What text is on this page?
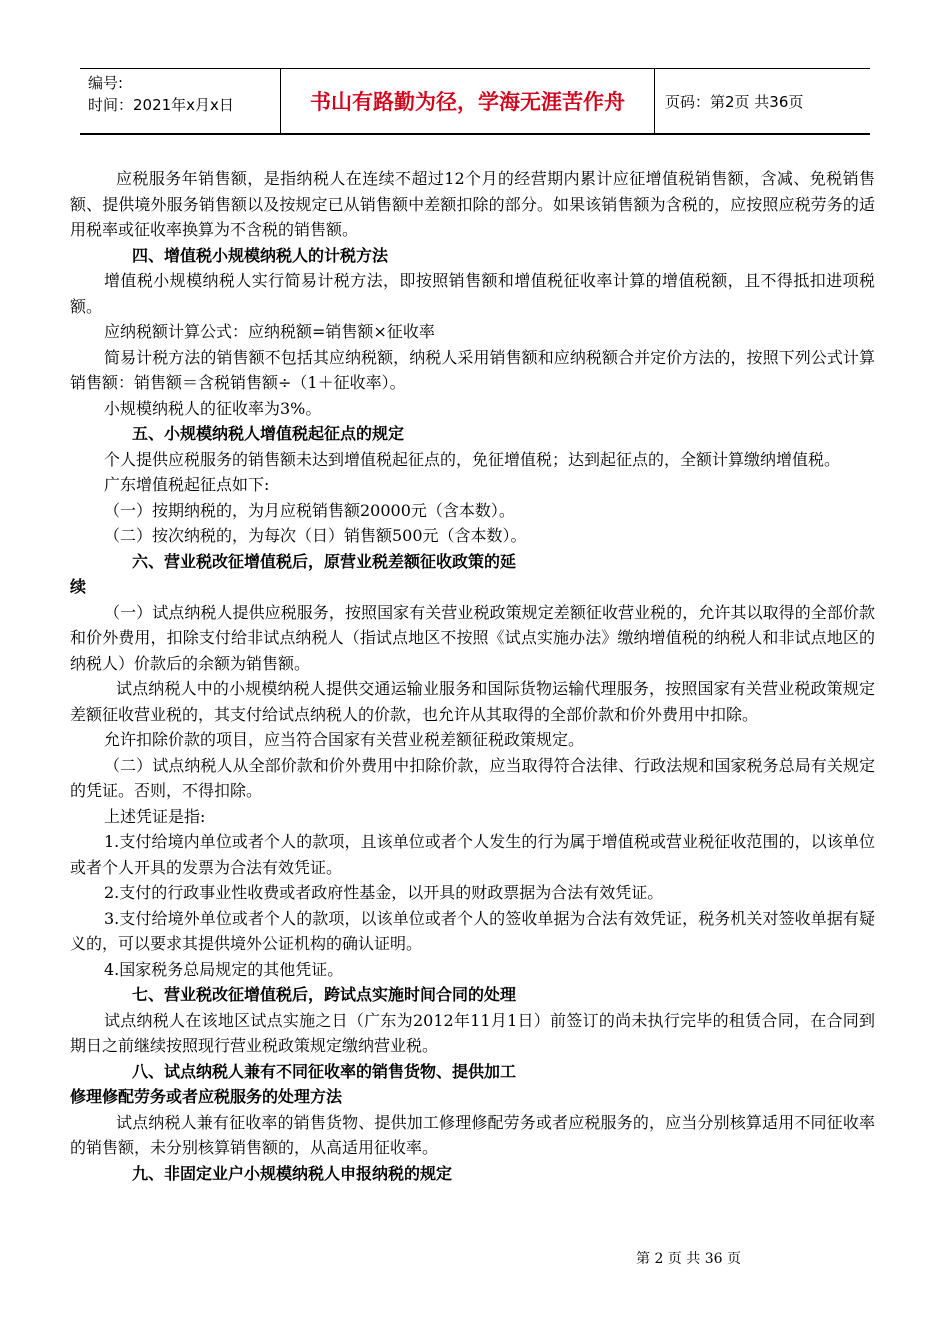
编号:
时间：2021年x月x日	书山有路勤为径，学海无涯苦作舟	页码：第2页 共36页

应税服务年销售额，是指纳税人在连续不超过12个月的经营期内累计应征增值税销售额，含减、免税销售额、提供境外服务销售额以及按规定已从销售额中差额扣除的部分。如果该销售额为含税的，应按照应税劳务的适用税率或征收率换算为不含税的销售额。

四、增值税小规模纳税人的计税方法

增值税小规模纳税人实行简易计税方法，即按照销售额和增值税征收率计算的增值税额，且不得抵扣进项税额。

应纳税额计算公式：应纳税额=销售额×征收率

简易计税方法的销售额不包括其应纳税额，纳税人采用销售额和应纳税额合并定价方法的，按照下列公式计算销售额：销售额＝含税销售额÷（1＋征收率）。

小规模纳税人的征收率为3%。

五、小规模纳税人增值税起征点的规定

个人提供应税服务的销售额未达到增值税起征点的，免征增值税；达到起征点的，全额计算缴纳增值税。

广东增值税起征点如下:

（一）按期纳税的，为月应税销售额20000元（含本数）。

（二）按次纳税的，为每次（日）销售额500元（含本数）。

六、营业税改征增值税后，原营业税差额征收政策的延

续

（一）试点纳税人提供应税服务，按照国家有关营业税政策规定差额征收营业税的，允许其以取得的全部价款和价外费用，扣除支付给非试点纳税人（指试点地区不按照《试点实施办法》缴纳增值税的纳税人和非试点地区的纳税人）价款后的余额为销售额。

试点纳税人中的小规模纳税人提供交通运输业服务和国际货物运输代理服务，按照国家有关营业税政策规定差额征收营业税的，其支付给试点纳税人的价款，也允许从其取得的全部价款和价外费用中扣除。

允许扣除价款的项目，应当符合国家有关营业税差额征税政策规定。

（二）试点纳税人从全部价款和价外费用中扣除价款，应当取得符合法律、行政法规和国家税务总局有关规定的凭证。否则，不得扣除。

上述凭证是指:

1.支付给境内单位或者个人的款项，且该单位或者个人发生的行为属于增值税或营业税征收范围的，以该单位或者个人开具的发票为合法有效凭证。

2.支付的行政事业性收费或者政府性基金，以开具的财政票据为合法有效凭证。

3.支付给境外单位或者个人的款项，以该单位或者个人的签收单据为合法有效凭证，税务机关对签收单据有疑义的，可以要求其提供境外公证机构的确认证明。

4.国家税务总局规定的其他凭证。

七、营业税改征增值税后，跨试点实施时间合同的处理

试点纳税人在该地区试点实施之日（广东为2012年11月1日）前签订的尚未执行完毕的租赁合同，在合同到期日之前继续按照现行营业税政策规定缴纳营业税。

八、试点纳税人兼有不同征收率的销售货物、提供加工

修理修配劳务或者应税服务的处理方法

试点纳税人兼有征收率的销售货物、提供加工修理修配劳务或者应税服务的，应当分别核算适用不同征收率的销售额，未分别核算销售额的，从高适用征收率。

九、非固定业户小规模纳税人申报纳税的规定

第 2 页 共 36 页
